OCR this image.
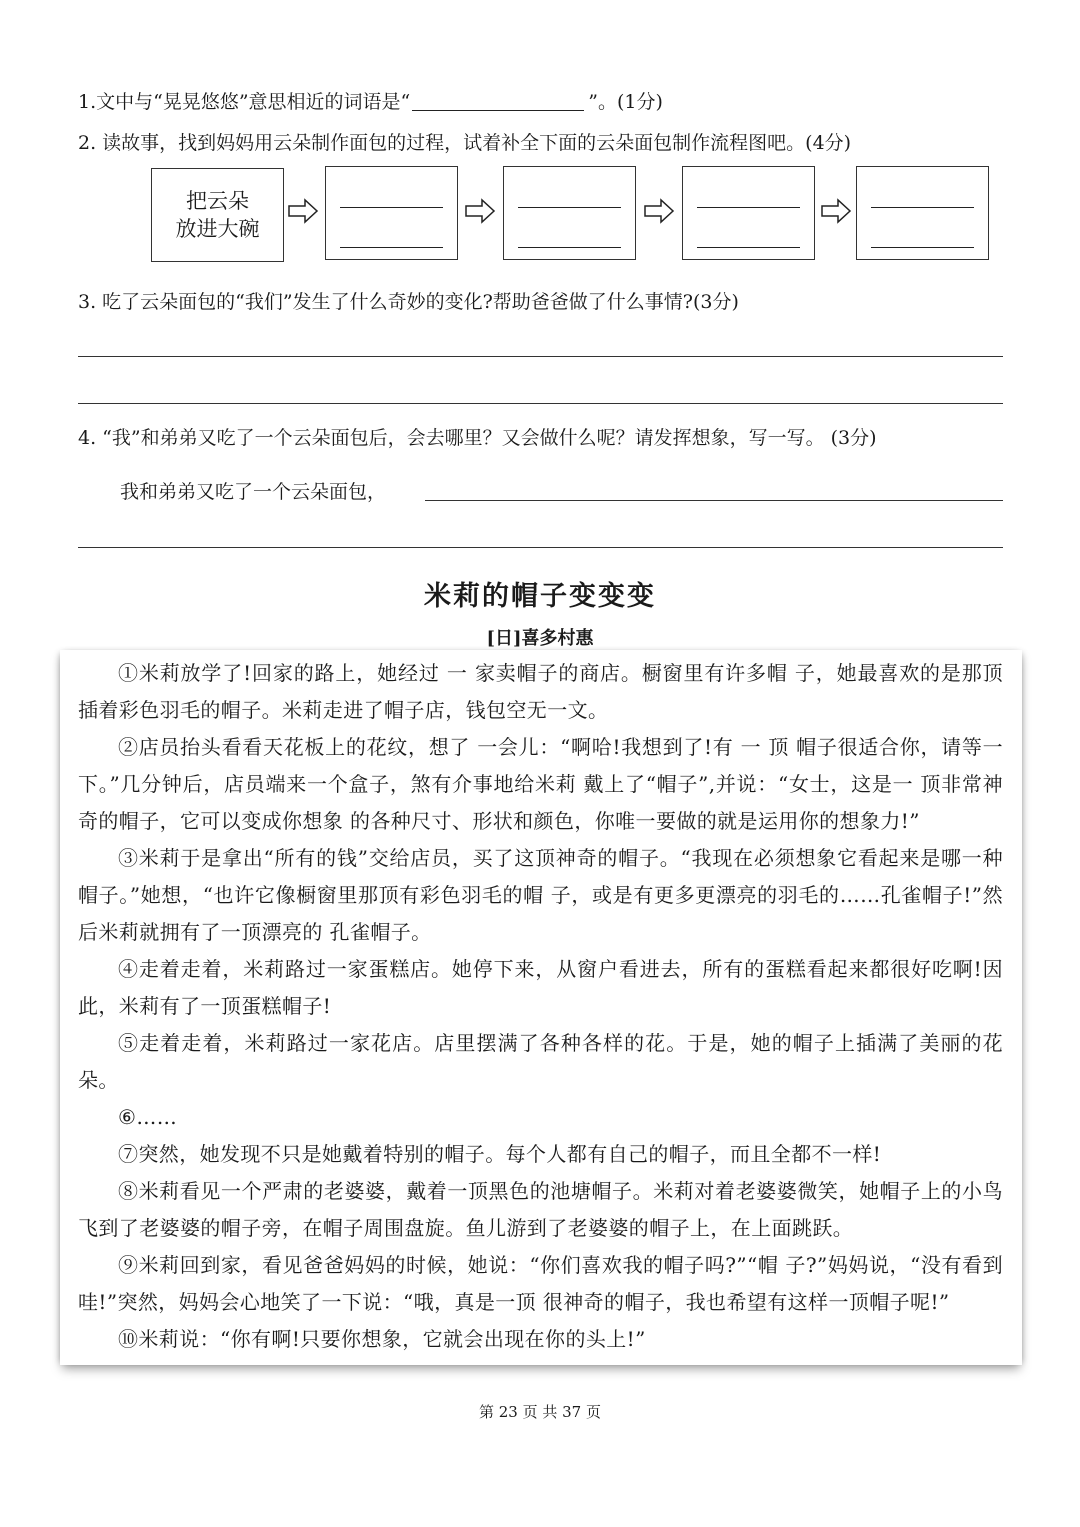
1.文中与“晃晃悠悠”意思相近的词语是“	”。(1分)
2. 读故事，找到妈妈用云朵制作面包的过程，试着补全下面的云朵面包制作流程图吧。(4分)
把云朵
放进大碗
3. 吃了云朵面包的“我们”发生了什么奇妙的变化?帮助爸爸做了什么事情?(3分)
4. “我”和弟弟又吃了一个云朵面包后，会去哪里？又会做什么呢？请发挥想象，写一写。 (3分)
我和弟弟又吃了一个云朵面包，
米莉的帽子变变变
[日]喜多村惠

①米莉放学了!回家的路上，她经过 一 家卖帽子的商店。橱窗里有许多帽 子，她最喜欢的是那顶插着彩色羽毛的帽子。米莉走进了帽子店，钱包空无一文。

②店员抬头看看天花板上的花纹，想了 一会儿：“啊哈!我想到了!有 一 顶 帽子很适合你，请等一下。”几分钟后，店员端来一个盒子，煞有介事地给米莉 戴上了“帽子”,并说：“女士，这是一 顶非常神奇的帽子，它可以变成你想象 的各种尺寸、形状和颜色，你唯一要做的就是运用你的想象力!”

③米莉于是拿出“所有的钱”交给店员，买了这顶神奇的帽子。“我现在必须想象它看起来是哪一种帽子。”她想，“也许它像橱窗里那顶有彩色羽毛的帽 子，或是有更多更漂亮的羽毛的……孔雀帽子!”然后米莉就拥有了一顶漂亮的 孔雀帽子。

④走着走着，米莉路过一家蛋糕店。她停下来，从窗户看进去，所有的蛋糕看起来都很好吃啊!因此，米莉有了一顶蛋糕帽子!

⑤走着走着，米莉路过一家花店。店里摆满了各种各样的花。于是，她的帽子上插满了美丽的花朵。

⑥……

⑦突然，她发现不只是她戴着特别的帽子。每个人都有自己的帽子，而且全都不一样!

⑧米莉看见一个严肃的老婆婆，戴着一顶黑色的池塘帽子。米莉对着老婆婆微笑，她帽子上的小鸟飞到了老婆婆的帽子旁，在帽子周围盘旋。鱼儿游到了老婆婆的帽子上，在上面跳跃。

⑨米莉回到家，看见爸爸妈妈的时候，她说：“你们喜欢我的帽子吗?”“帽 子?”妈妈说，“没有看到哇!”突然，妈妈会心地笑了一下说：“哦，真是一顶 很神奇的帽子，我也希望有这样一顶帽子呢!”

⑩米莉说：“你有啊!只要你想象，它就会出现在你的头上!”

第 23 页 共 37 页
